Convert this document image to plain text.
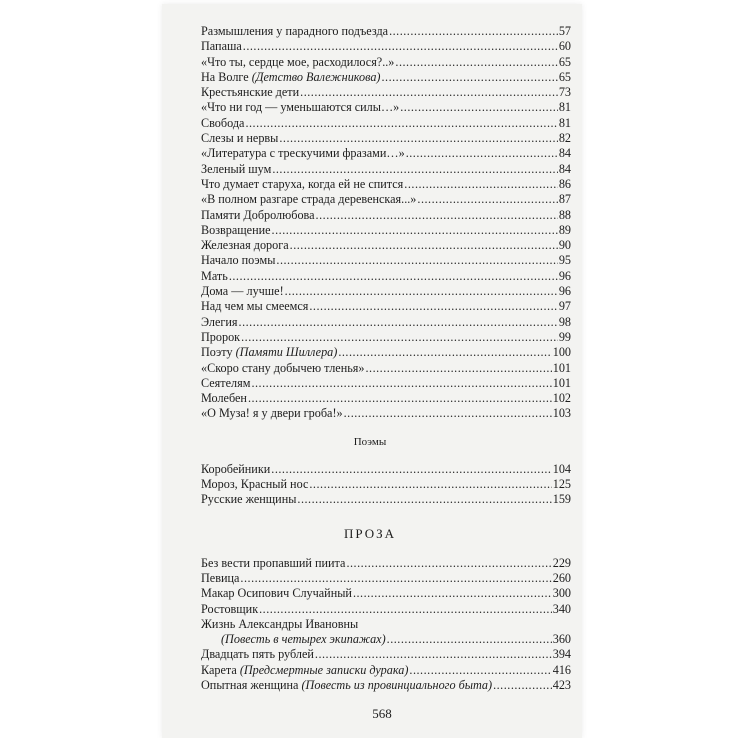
Размышления у парадного подъезда .....	57
Папаша .....	60
«Что ты, сердце мое, расходилося?..» .....	65
На Волге (Детство Валежникова) .....	65
Крестьянские дети .....	73
«Что ни год — уменьшаются силы…» .....	81
Свобода .....	81
Слезы и нервы .....	82
«Литература с трескучими фразами…» .....	84
Зеленый шум .....	84
Что думает старуха, когда ей не спится .....	86
«В полном разгаре страда деревенская...» .....	87
Памяти Добролюбова .....	88
Возвращение .....	89
Железная дорога .....	90
Начало поэмы .....	95
Мать .....	96
Дома — лучше! .....	96
Над чем мы смеемся .....	97
Элегия .....	98
Пророк .....	99
Поэту (Памяти Шиллера) .....	100
«Скоро стану добычею тленья» .....	101
Сеятелям .....	101
Молебен .....	102
«О Муза! я у двери гроба!» .....	103
Поэмы
Коробейники .....	104
Мороз, Красный нос .....	125
Русские женщины .....	159
ПРОЗА
Без вести пропавший пиита .....	229
Певица .....	260
Макар Осипович Случайный .....	300
Ростовщик .....	340
Жизнь Александры Ивановны
(Повесть в четырех экипажах) .....	360
Двадцать пять рублей .....	394
Карета (Предсмертные записки дурака) .....	416
Опытная женщина (Повесть из провинциального быта) .....	423
568
